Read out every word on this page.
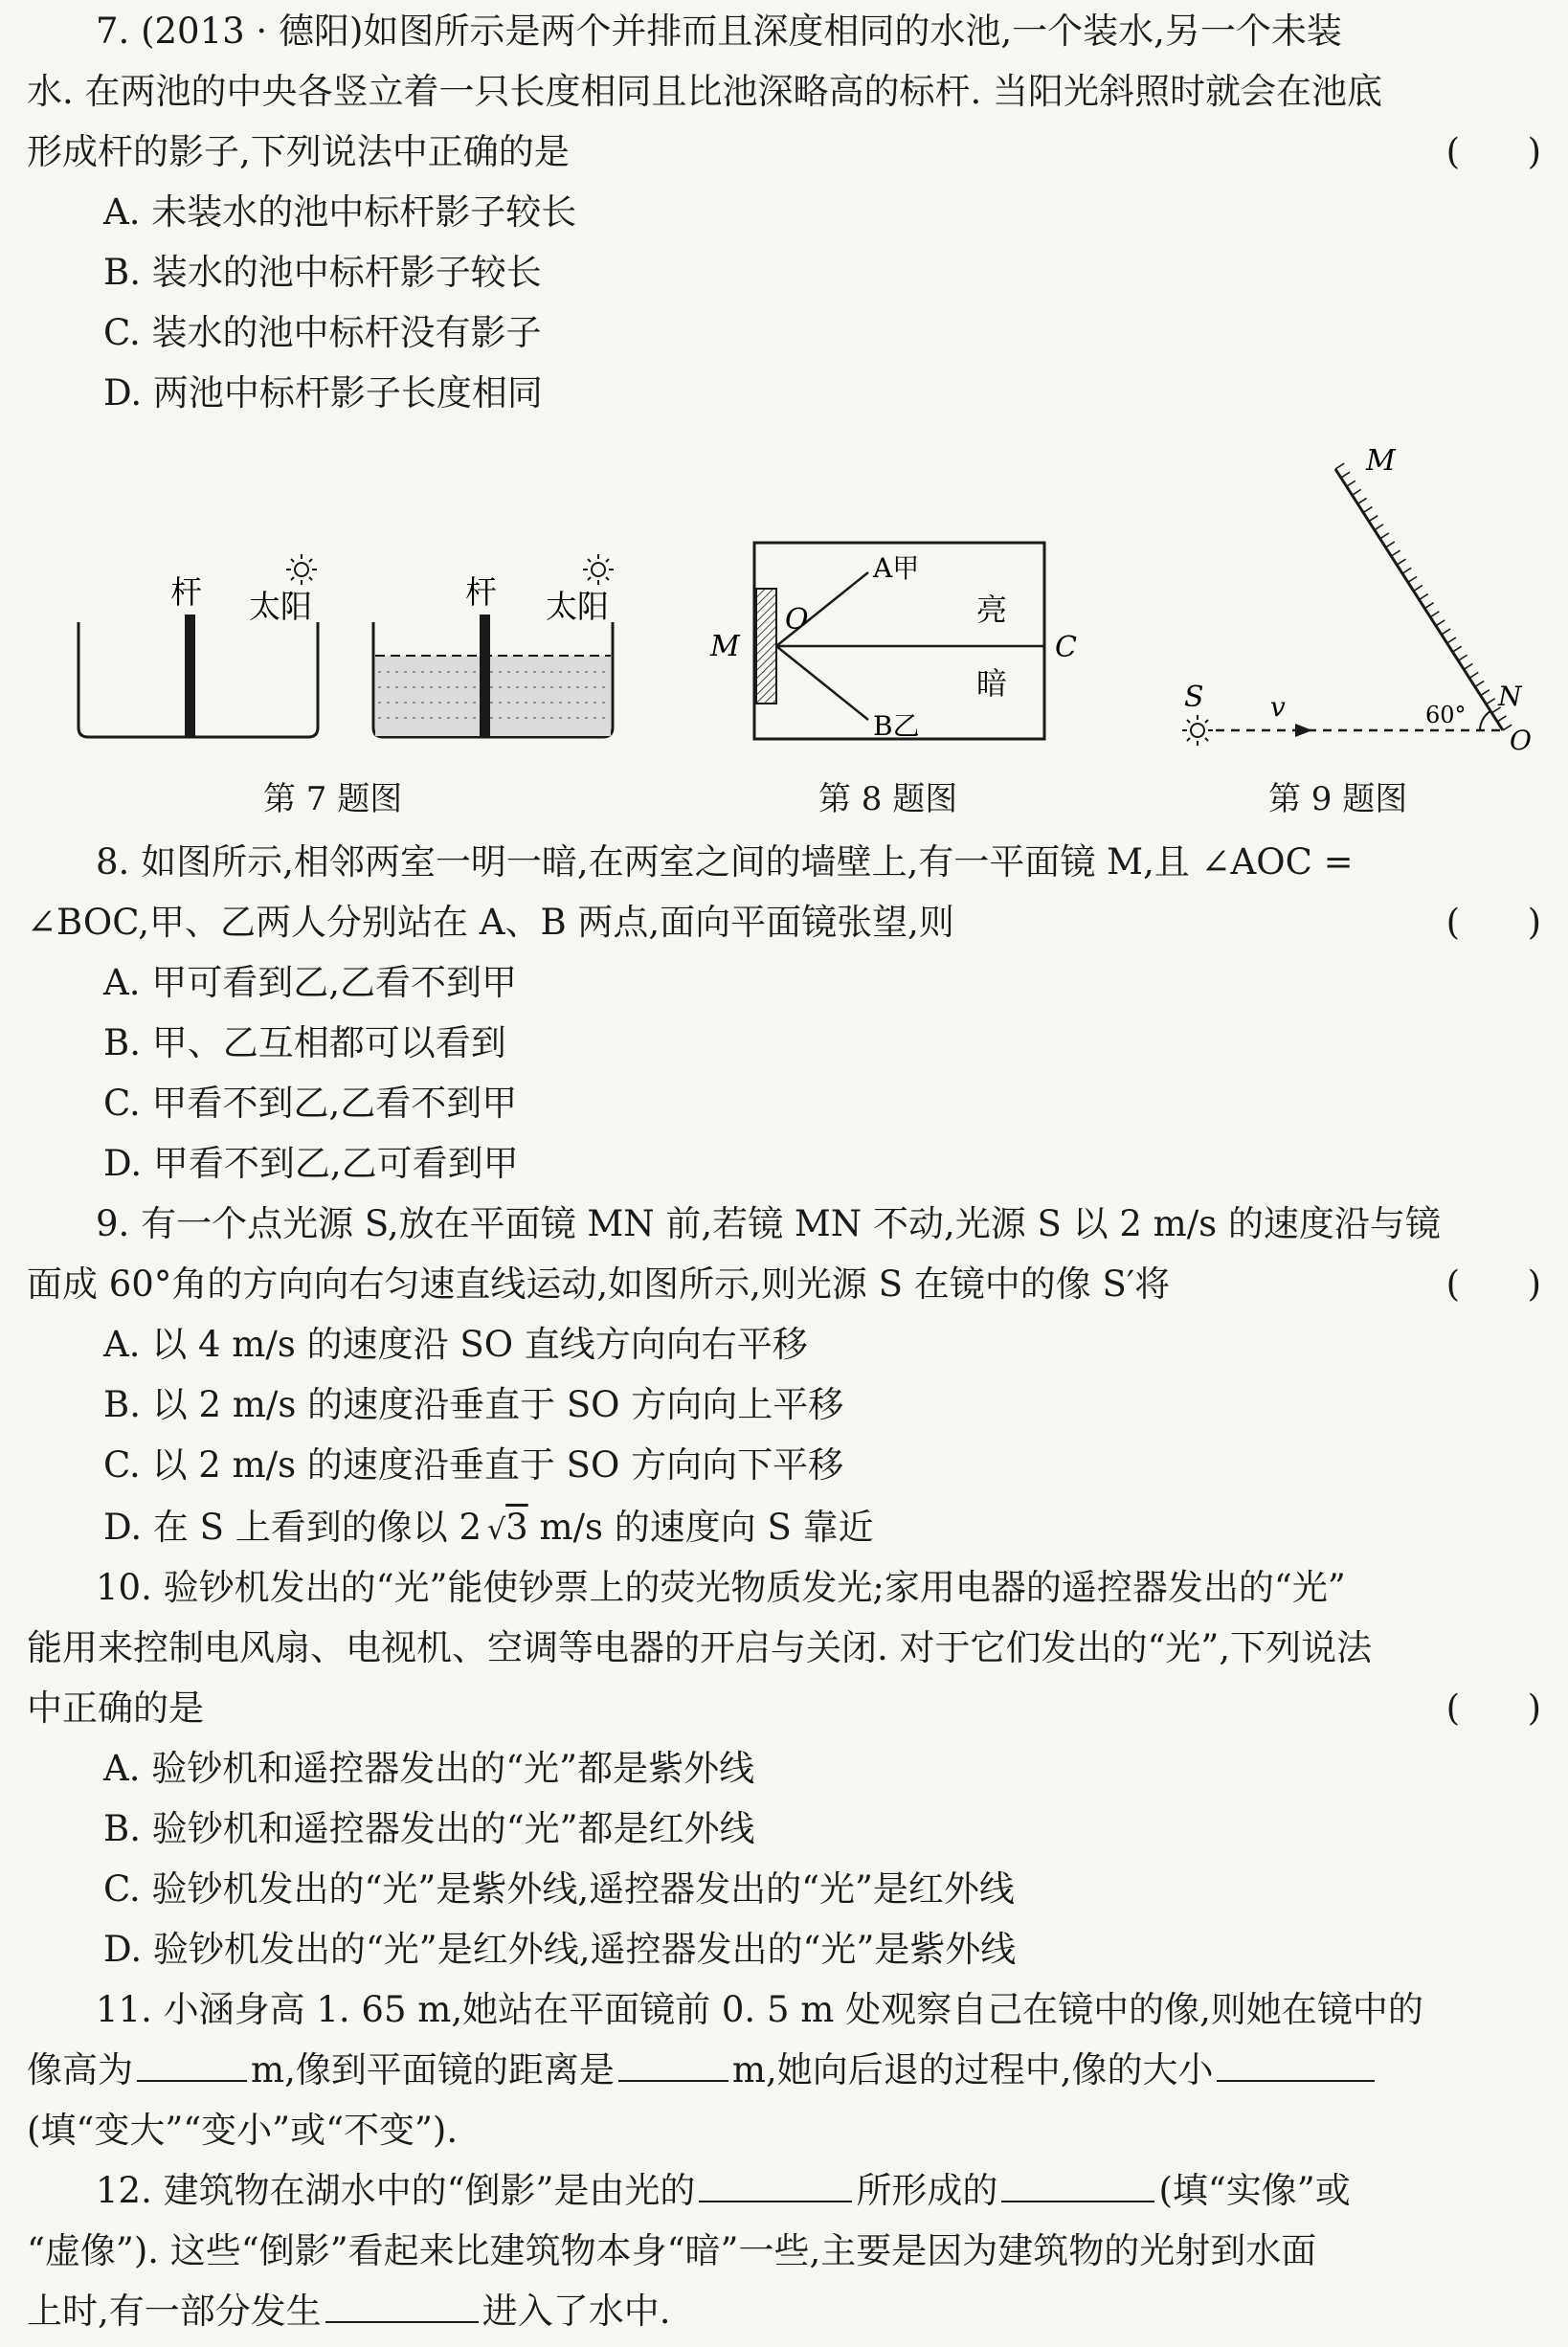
7. (2013 · 德阳)如图所示是两个并排而且深度相同的水池,一个装水,另一个未装
水. 在两池的中央各竖立着一只长度相同且比池深略高的标杆. 当阳光斜照时就会在池底
形成杆的影子,下列说法中正确的是	(      )
A. 未装水的池中标杆影子较长
B. 装水的池中标杆影子较长
C. 装水的池中标杆没有影子
D. 两池中标杆影子长度相同
杆 太阳	杆 太阳
第 7 题图
M
O
A甲
B乙
C
亮
暗
第 8 题图
M
N
O
S v	60°
第 9 题图
8. 如图所示,相邻两室一明一暗,在两室之间的墙壁上,有一平面镜 M,且 ∠AOC =
∠BOC,甲、乙两人分别站在 A、B 两点,面向平面镜张望,则	(      )
A. 甲可看到乙,乙看不到甲
B. 甲、乙互相都可以看到
C. 甲看不到乙,乙看不到甲
D. 甲看不到乙,乙可看到甲
9. 有一个点光源 S,放在平面镜 MN 前,若镜 MN 不动,光源 S 以 2 m/s 的速度沿与镜
面成 60°角的方向向右匀速直线运动,如图所示,则光源 S 在镜中的像 S′将	(      )
A. 以 4 m/s 的速度沿 SO 直线方向向右平移
B. 以 2 m/s 的速度沿垂直于 SO 方向向上平移
C. 以 2 m/s 的速度沿垂直于 SO 方向向下平移
D. 在 S 上看到的像以 2 √3 m/s 的速度向 S 靠近
10. 验钞机发出的“光”能使钞票上的荧光物质发光;家用电器的遥控器发出的“光”
能用来控制电风扇、电视机、空调等电器的开启与关闭. 对于它们发出的“光”,下列说法
中正确的是	(      )
A. 验钞机和遥控器发出的“光”都是紫外线
B. 验钞机和遥控器发出的“光”都是红外线
C. 验钞机发出的“光”是紫外线,遥控器发出的“光”是红外线
D. 验钞机发出的“光”是红外线,遥控器发出的“光”是紫外线
11. 小涵身高 1. 65 m,她站在平面镜前 0. 5 m 处观察自己在镜中的像,则她在镜中的
像高为	m,像到平面镜的距离是	m,她向后退的过程中,像的大小
(填“变大”“变小”或“不变”).
12. 建筑物在湖水中的“倒影”是由光的	所形成的	(填“实像”或
“虚像”). 这些“倒影”看起来比建筑物本身“暗”一些,主要是因为建筑物的光射到水面
上时,有一部分发生	进入了水中.
